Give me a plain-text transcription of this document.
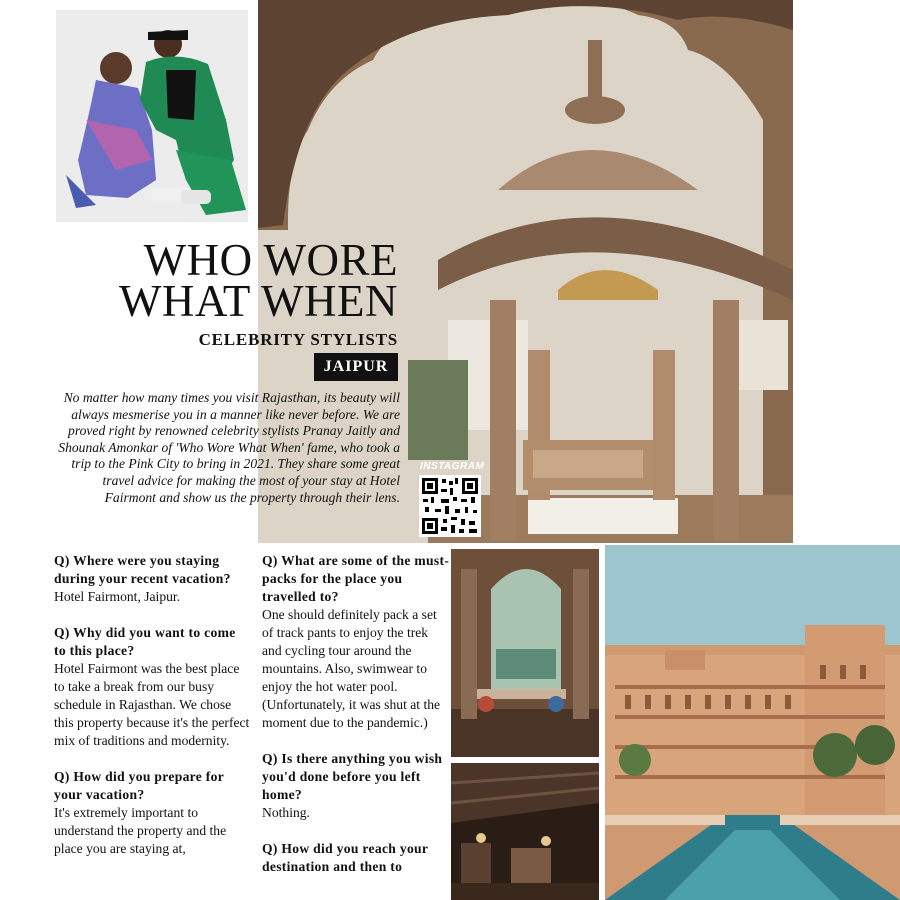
WHO WORE
WHAT WHEN
CELEBRITY STYLISTS
JAIPUR

No matter how many times you visit Rajasthan, its beauty will always mesmerise you in a manner like never before. We are proved right by renowned celebrity stylists Pranay Jaitly and Shounak Amonkar of 'Who Wore What When' fame, who took a trip to the Pink City to bring in 2021. They share some great travel advice for making the most of your stay at Hotel Fairmont and show us the property through their lens.

INSTAGRAM
Q) Where were you staying during your recent vacation?
Hotel Fairmont, Jaipur.
Q) Why did you want to come to this place?
Hotel Fairmont was the best place to take a break from our busy schedule in Rajasthan. We chose this property because it's the perfect mix of traditions and modernity.
Q) How did you prepare for your vacation?
It's extremely important to understand the property and the place you are staying at,
Q) What are some of the must-packs for the place you travelled to?
One should definitely pack a set of track pants to enjoy the trek and cycling tour around the mountains. Also, swimwear to enjoy the hot water pool. (Unfortunately, it was shut at the moment due to the pandemic.)
Q) Is there anything you wish you'd done before you left home?
Nothing.
Q) How did you reach your destination and then to
